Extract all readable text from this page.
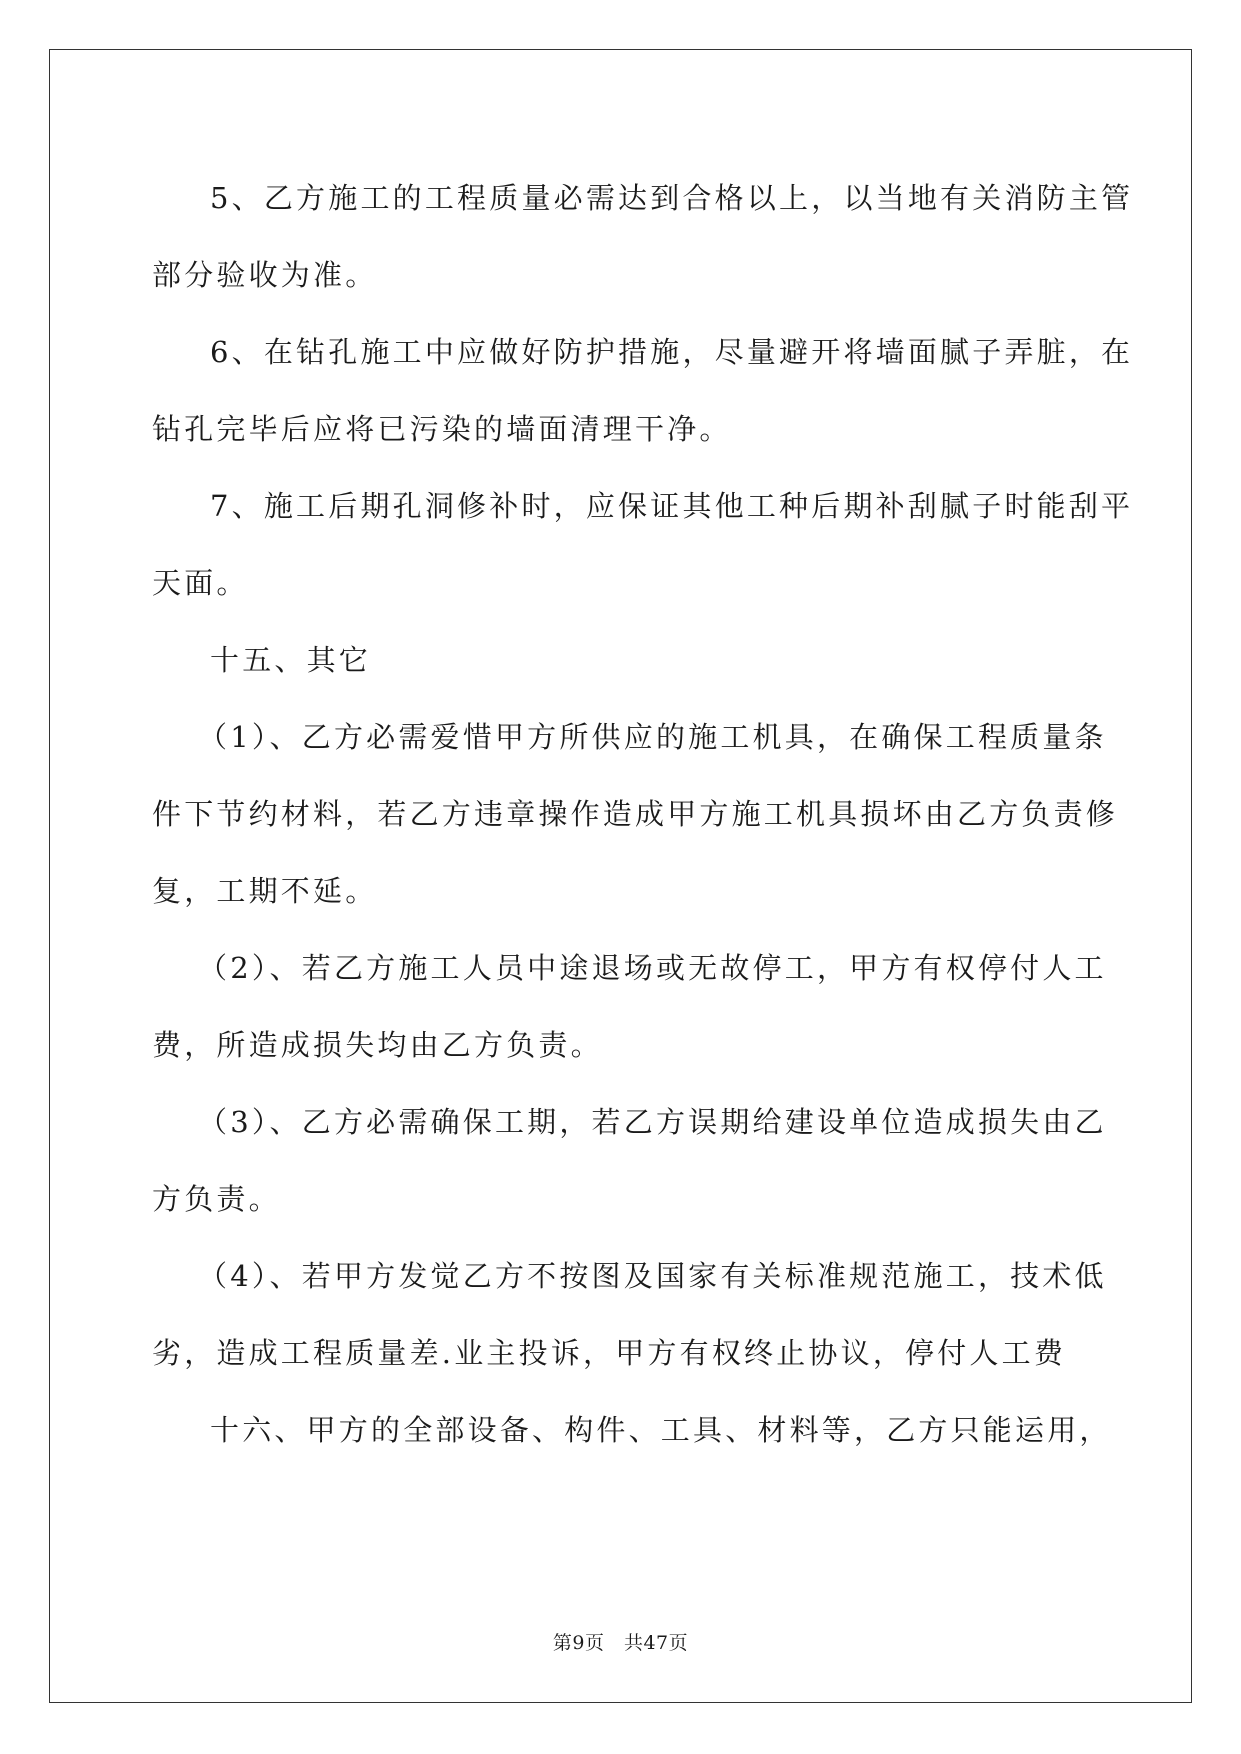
5、乙方施工的工程质量必需达到合格以上，以当地有关消防主管
部分验收为准。
6、在钻孔施工中应做好防护措施，尽量避开将墙面腻子弄脏，在
钻孔完毕后应将已污染的墙面清理干净。
7、施工后期孔洞修补时，应保证其他工种后期补刮腻子时能刮平
天面。
十五、其它
（1）、乙方必需爱惜甲方所供应的施工机具，在确保工程质量条
件下节约材料，若乙方违章操作造成甲方施工机具损坏由乙方负责修
复，工期不延。
（2）、若乙方施工人员中途退场或无故停工，甲方有权停付人工
费，所造成损失均由乙方负责。
（3）、乙方必需确保工期，若乙方误期给建设单位造成损失由乙
方负责。
（4）、若甲方发觉乙方不按图及国家有关标准规范施工，技术低
劣，造成工程质量差.业主投诉，甲方有权终止协议，停付人工费
十六、甲方的全部设备、构件、工具、材料等，乙方只能运用，
第9页　共47页
